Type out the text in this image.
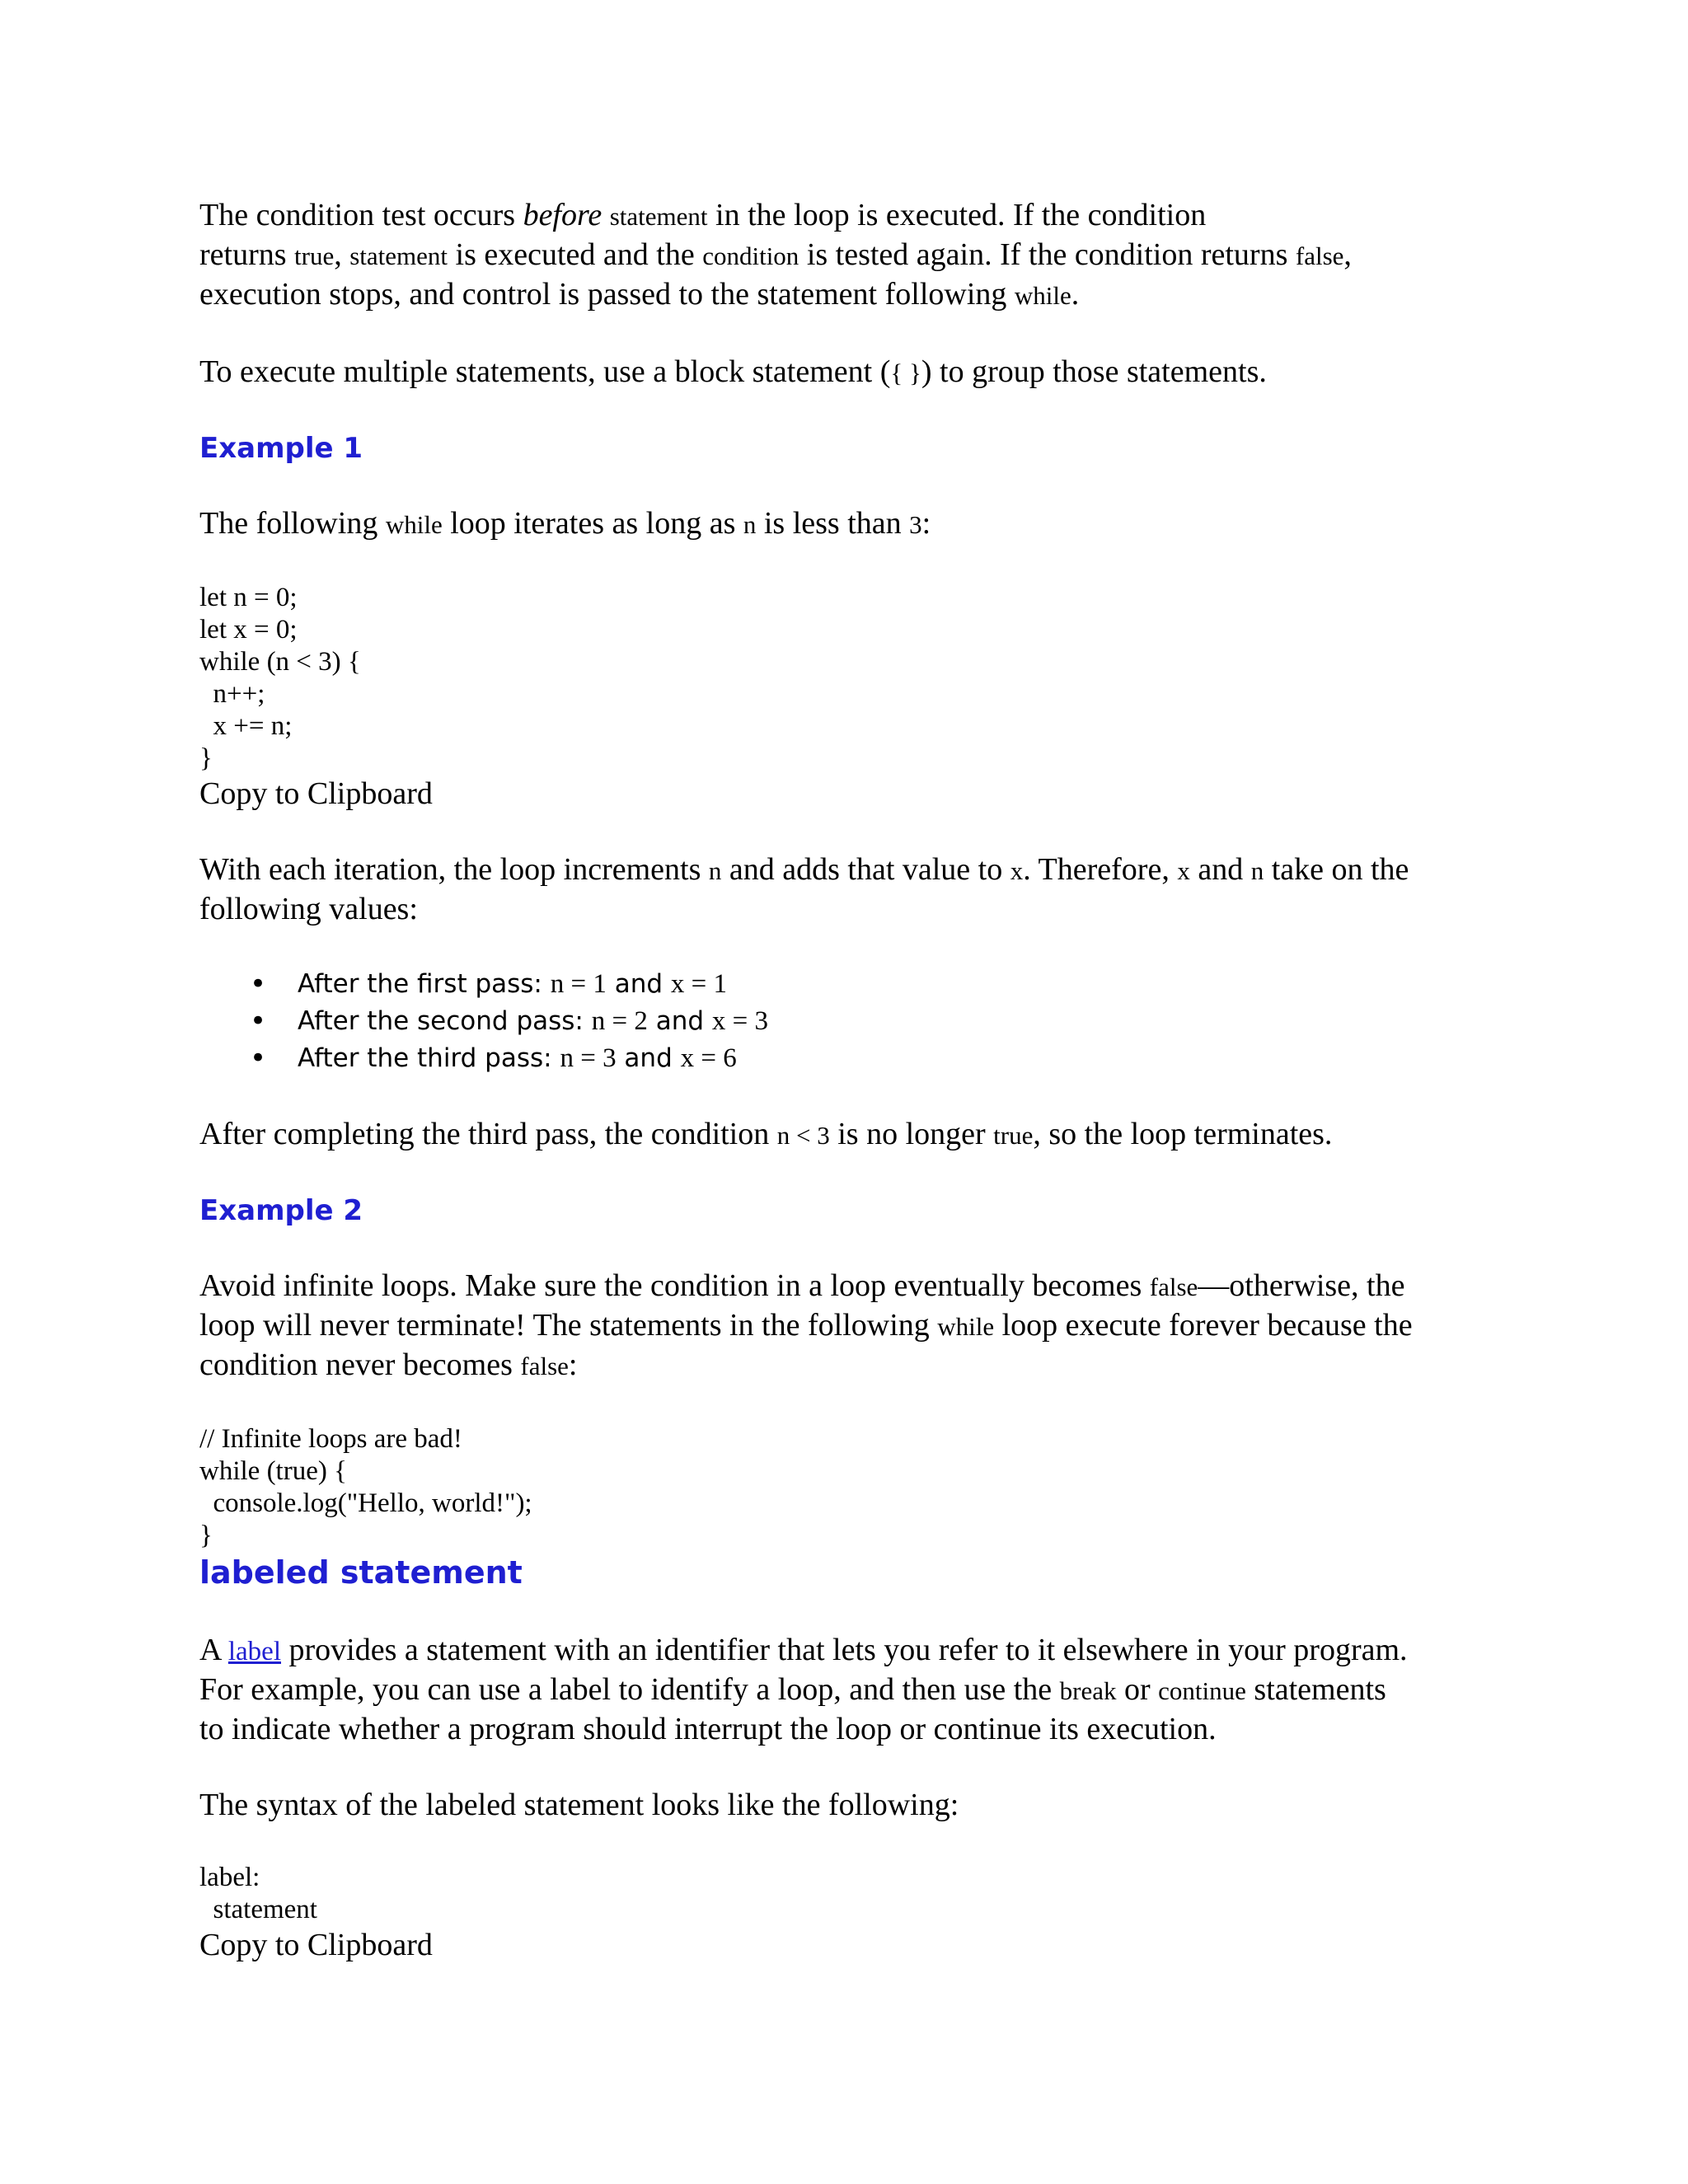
The condition test occurs before statement in the loop is executed. If the condition
returns true, statement is executed and the condition is tested again. If the condition returns false,
execution stops, and control is passed to the statement following while.

To execute multiple statements, use a block statement ({ }) to group those statements.

Example 1

The following while loop iterates as long as n is less than 3:

let n = 0;
let x = 0;
while (n < 3) {
n++;
x += n;
}
Copy to Clipboard

With each iteration, the loop increments n and adds that value to x. Therefore, x and n take on the
following values:

• After the first pass: n = 1 and x = 1
• After the second pass: n = 2 and x = 3
• After the third pass: n = 3 and x = 6

After completing the third pass, the condition n < 3 is no longer true, so the loop terminates.

Example 2

Avoid infinite loops. Make sure the condition in a loop eventually becomes false—otherwise, the
loop will never terminate! The statements in the following while loop execute forever because the
condition never becomes false:

// Infinite loops are bad!
while (true) {
console.log("Hello, world!");
}
labeled statement

A label provides a statement with an identifier that lets you refer to it elsewhere in your program.
For example, you can use a label to identify a loop, and then use the break or continue statements
to indicate whether a program should interrupt the loop or continue its execution.

The syntax of the labeled statement looks like the following:

label:
statement
Copy to Clipboard
